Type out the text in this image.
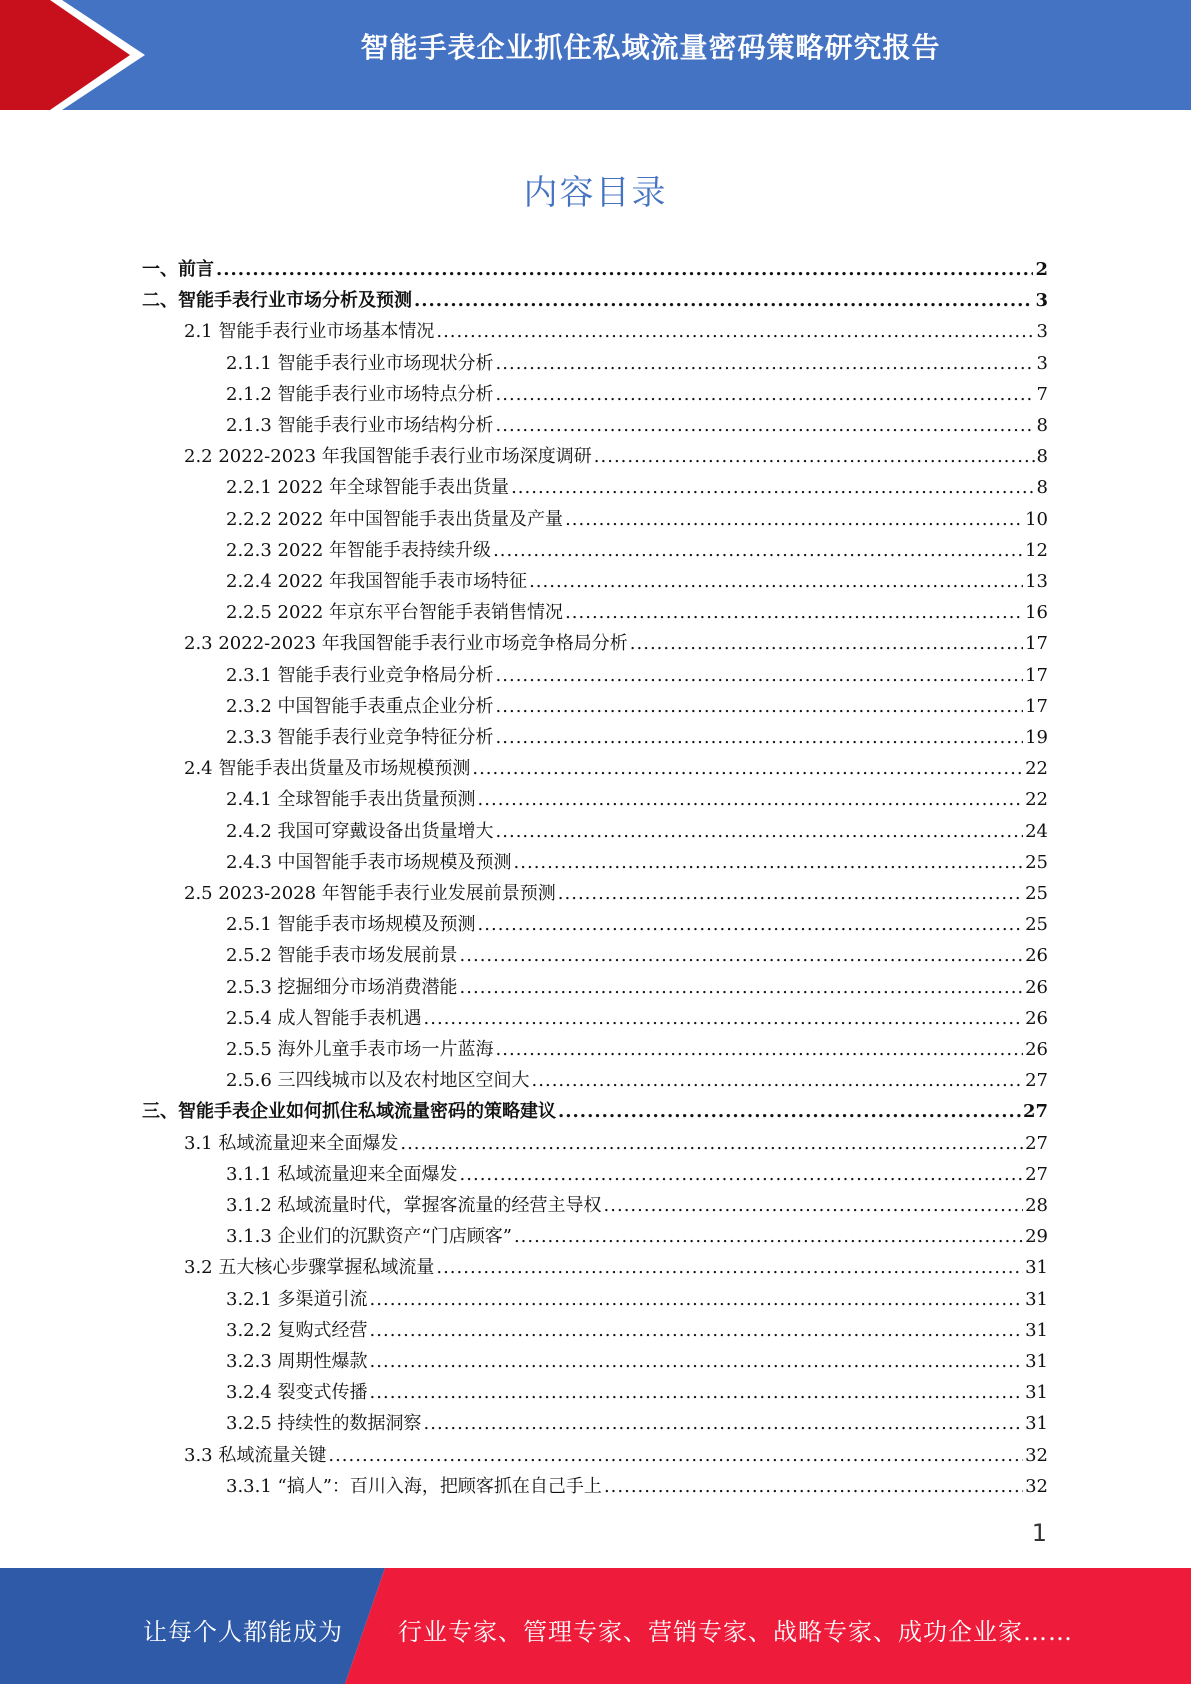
智能手表企业抓住私域流量密码策略研究报告
内容目录
一、前言 .....	2
二、智能手表行业市场分析及预测 .....	3
2.1 智能手表行业市场基本情况 .....	3
2.1.1 智能手表行业市场现状分析 .....	3
2.1.2 智能手表行业市场特点分析 .....	7
2.1.3 智能手表行业市场结构分析 .....	8
2.2 2022-2023 年我国智能手表行业市场深度调研 .....	8
2.2.1 2022 年全球智能手表出货量 .....	8
2.2.2 2022 年中国智能手表出货量及产量 .....	10
2.2.3 2022 年智能手表持续升级 .....	12
2.2.4 2022 年我国智能手表市场特征 .....	13
2.2.5 2022 年京东平台智能手表销售情况 .....	16
2.3 2022-2023 年我国智能手表行业市场竞争格局分析 .....	17
2.3.1 智能手表行业竞争格局分析 .....	17
2.3.2 中国智能手表重点企业分析 .....	17
2.3.3 智能手表行业竞争特征分析 .....	19
2.4 智能手表出货量及市场规模预测 .....	22
2.4.1 全球智能手表出货量预测 .....	22
2.4.2 我国可穿戴设备出货量增大 .....	24
2.4.3 中国智能手表市场规模及预测 .....	25
2.5 2023-2028 年智能手表行业发展前景预测 .....	25
2.5.1 智能手表市场规模及预测 .....	25
2.5.2 智能手表市场发展前景 .....	26
2.5.3 挖掘细分市场消费潜能 .....	26
2.5.4 成人智能手表机遇 .....	26
2.5.5 海外儿童手表市场一片蓝海 .....	26
2.5.6 三四线城市以及农村地区空间大 .....	27
三、智能手表企业如何抓住私域流量密码的策略建议 .....	27
3.1 私域流量迎来全面爆发 .....	27
3.1.1 私域流量迎来全面爆发 .....	27
3.1.2 私域流量时代，掌握客流量的经营主导权 .....	28
3.1.3 企业们的沉默资产“门店顾客” .....	29
3.2 五大核心步骤掌握私域流量 .....	31
3.2.1 多渠道引流 .....	31
3.2.2 复购式经营 .....	31
3.2.3 周期性爆款 .....	31
3.2.4 裂变式传播 .....	31
3.2.5 持续性的数据洞察 .....	31
3.3 私域流量关键 .....	32
3.3.1 “搞人”：百川入海，把顾客抓在自己手上 .....	32
1
让每个人都能成为 行业专家、管理专家、营销专家、战略专家、成功企业家……
